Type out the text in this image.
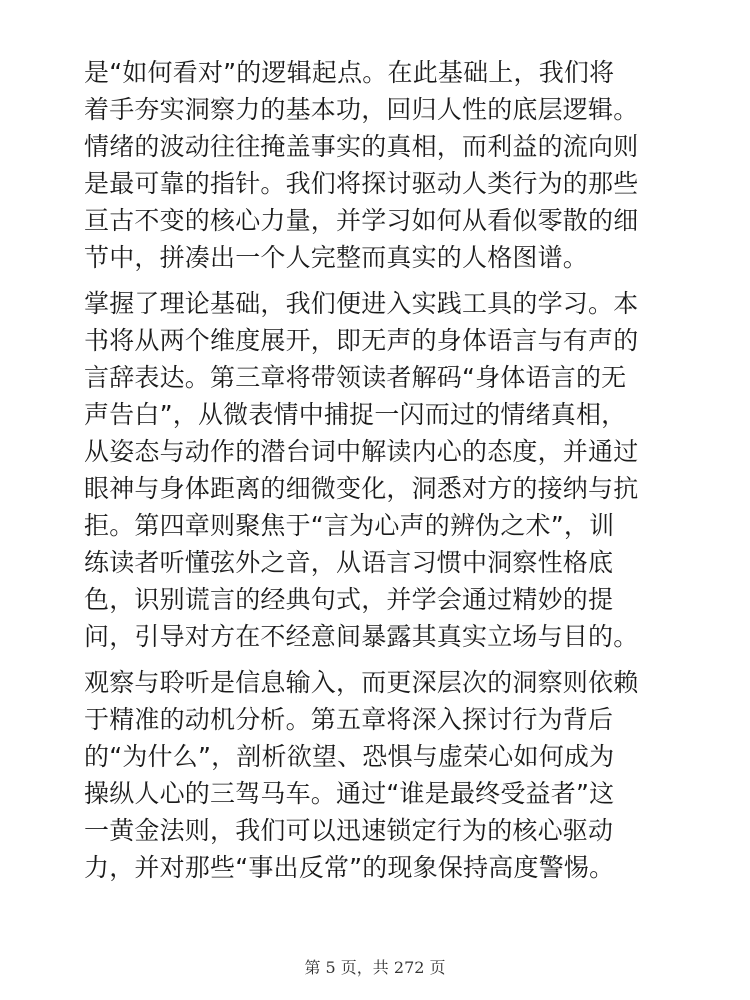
是“如何看对”的逻辑起点。在此基础上，我们将
着手夯实洞察力的基本功，回归人性的底层逻辑。
情绪的波动往往掩盖事实的真相，而利益的流向则
是最可靠的指针。我们将探讨驱动人类行为的那些
亘古不变的核心力量，并学习如何从看似零散的细
节中，拼凑出一个人完整而真实的人格图谱。
掌握了理论基础，我们便进入实践工具的学习。本
书将从两个维度展开，即无声的身体语言与有声的
言辞表达。第三章将带领读者解码“身体语言的无
声告白”，从微表情中捕捉一闪而过的情绪真相，
从姿态与动作的潜台词中解读内心的态度，并通过
眼神与身体距离的细微变化，洞悉对方的接纳与抗
拒。第四章则聚焦于“言为心声的辨伪之术”，训
练读者听懂弦外之音，从语言习惯中洞察性格底
色，识别谎言的经典句式，并学会通过精妙的提
问，引导对方在不经意间暴露其真实立场与目的。
观察与聆听是信息输入，而更深层次的洞察则依赖
于精准的动机分析。第五章将深入探讨行为背后
的“为什么”，剖析欲望、恐惧与虚荣心如何成为
操纵人心的三驾马车。通过“谁是最终受益者”这
一黄金法则，我们可以迅速锁定行为的核心驱动
力，并对那些“事出反常”的现象保持高度警惕。
第 5 页，共 272 页
